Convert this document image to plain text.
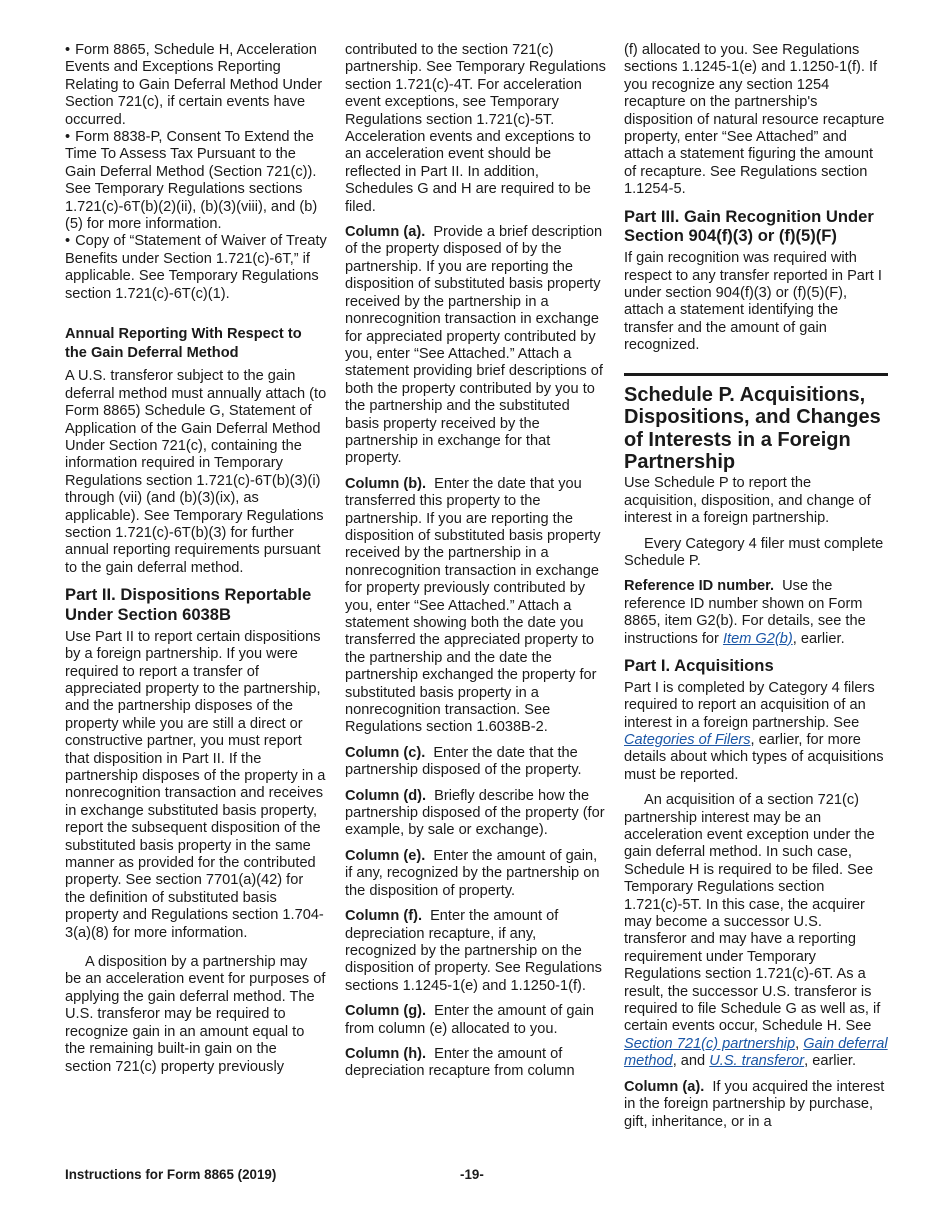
• Form 8865, Schedule H, Acceleration Events and Exceptions Reporting Relating to Gain Deferral Method Under Section 721(c), if certain events have occurred.
• Form 8838-P, Consent To Extend the Time To Assess Tax Pursuant to the Gain Deferral Method (Section 721(c)). See Temporary Regulations sections 1.721(c)-6T(b)(2)(ii), (b)(3)(viii), and (b)(5) for more information.
• Copy of “Statement of Waiver of Treaty Benefits under Section 1.721(c)-6T,” if applicable. See Temporary Regulations section 1.721(c)-6T(c)(1).
Annual Reporting With Respect to the Gain Deferral Method

A U.S. transferor subject to the gain deferral method must annually attach (to Form 8865) Schedule G, Statement of Application of the Gain Deferral Method Under Section 721(c), containing the information required in Temporary Regulations section 1.721(c)-6T(b)(3)(i) through (vii) (and (b)(3)(ix), as applicable). See Temporary Regulations section 1.721(c)-6T(b)(3) for further annual reporting requirements pursuant to the gain deferral method.

Part II. Dispositions Reportable Under Section 6038B

Use Part II to report certain dispositions by a foreign partnership. If you were required to report a transfer of appreciated property to the partnership, and the partnership disposes of the property while you are still a direct or constructive partner, you must report that disposition in Part II. If the partnership disposes of the property in a nonrecognition transaction and receives in exchange substituted basis property, report the subsequent disposition of the substituted basis property in the same manner as provided for the contributed property. See section 7701(a)(42) for the definition of substituted basis property and Regulations section 1.704-3(a)(8) for more information.

A disposition by a partnership may be an acceleration event for purposes of applying the gain deferral method. The U.S. transferor may be required to recognize gain in an amount equal to the remaining built-in gain on the section 721(c) property previously

contributed to the section 721(c) partnership. See Temporary Regulations section 1.721(c)-4T. For acceleration event exceptions, see Temporary Regulations section 1.721(c)-5T. Acceleration events and exceptions to an acceleration event should be reflected in Part II. In addition, Schedules G and H are required to be filed.

Column (a). Provide a brief description of the property disposed of by the partnership. If you are reporting the disposition of substituted basis property received by the partnership in a nonrecognition transaction in exchange for appreciated property contributed by you, enter “See Attached.” Attach a statement providing brief descriptions of both the property contributed by you to the partnership and the substituted basis property received by the partnership in exchange for that property.

Column (b). Enter the date that you transferred this property to the partnership. If you are reporting the disposition of substituted basis property received by the partnership in a nonrecognition transaction in exchange for property previously contributed by you, enter “See Attached.” Attach a statement showing both the date you transferred the appreciated property to the partnership and the date the partnership exchanged the property for substituted basis property in a nonrecognition transaction. See Regulations section 1.6038B-2.

Column (c). Enter the date that the partnership disposed of the property.

Column (d). Briefly describe how the partnership disposed of the property (for example, by sale or exchange).

Column (e). Enter the amount of gain, if any, recognized by the partnership on the disposition of property.

Column (f). Enter the amount of depreciation recapture, if any, recognized by the partnership on the disposition of property. See Regulations sections 1.1245-1(e) and 1.1250-1(f).

Column (g). Enter the amount of gain from column (e) allocated to you.

Column (h). Enter the amount of depreciation recapture from column

(f) allocated to you. See Regulations sections 1.1245-1(e) and 1.1250-1(f). If you recognize any section 1254 recapture on the partnership's disposition of natural resource recapture property, enter “See Attached” and attach a statement figuring the amount of recapture. See Regulations section 1.1254-5.

Part III. Gain Recognition Under Section 904(f)(3) or (f)(5)(F)

If gain recognition was required with respect to any transfer reported in Part I under section 904(f)(3) or (f)(5)(F), attach a statement identifying the transfer and the amount of gain recognized.

Schedule P. Acquisitions, Dispositions, and Changes of Interests in a Foreign Partnership

Use Schedule P to report the acquisition, disposition, and change of interest in a foreign partnership.

Every Category 4 filer must complete Schedule P.

Reference ID number. Use the reference ID number shown on Form 8865, item G2(b). For details, see the instructions for Item G2(b), earlier.

Part I. Acquisitions

Part I is completed by Category 4 filers required to report an acquisition of an interest in a foreign partnership. See Categories of Filers, earlier, for more details about which types of acquisitions must be reported.

An acquisition of a section 721(c) partnership interest may be an acceleration event exception under the gain deferral method. In such case, Schedule H is required to be filed. See Temporary Regulations section 1.721(c)-5T. In this case, the acquirer may become a successor U.S. transferor and may have a reporting requirement under Temporary Regulations section 1.721(c)-6T. As a result, the successor U.S. transferor is required to file Schedule G as well as, if certain events occur, Schedule H. See Section 721(c) partnership, Gain deferral method, and U.S. transferor, earlier.

Column (a). If you acquired the interest in the foreign partnership by purchase, gift, inheritance, or in a

Instructions for Form 8865 (2019)	-19-
